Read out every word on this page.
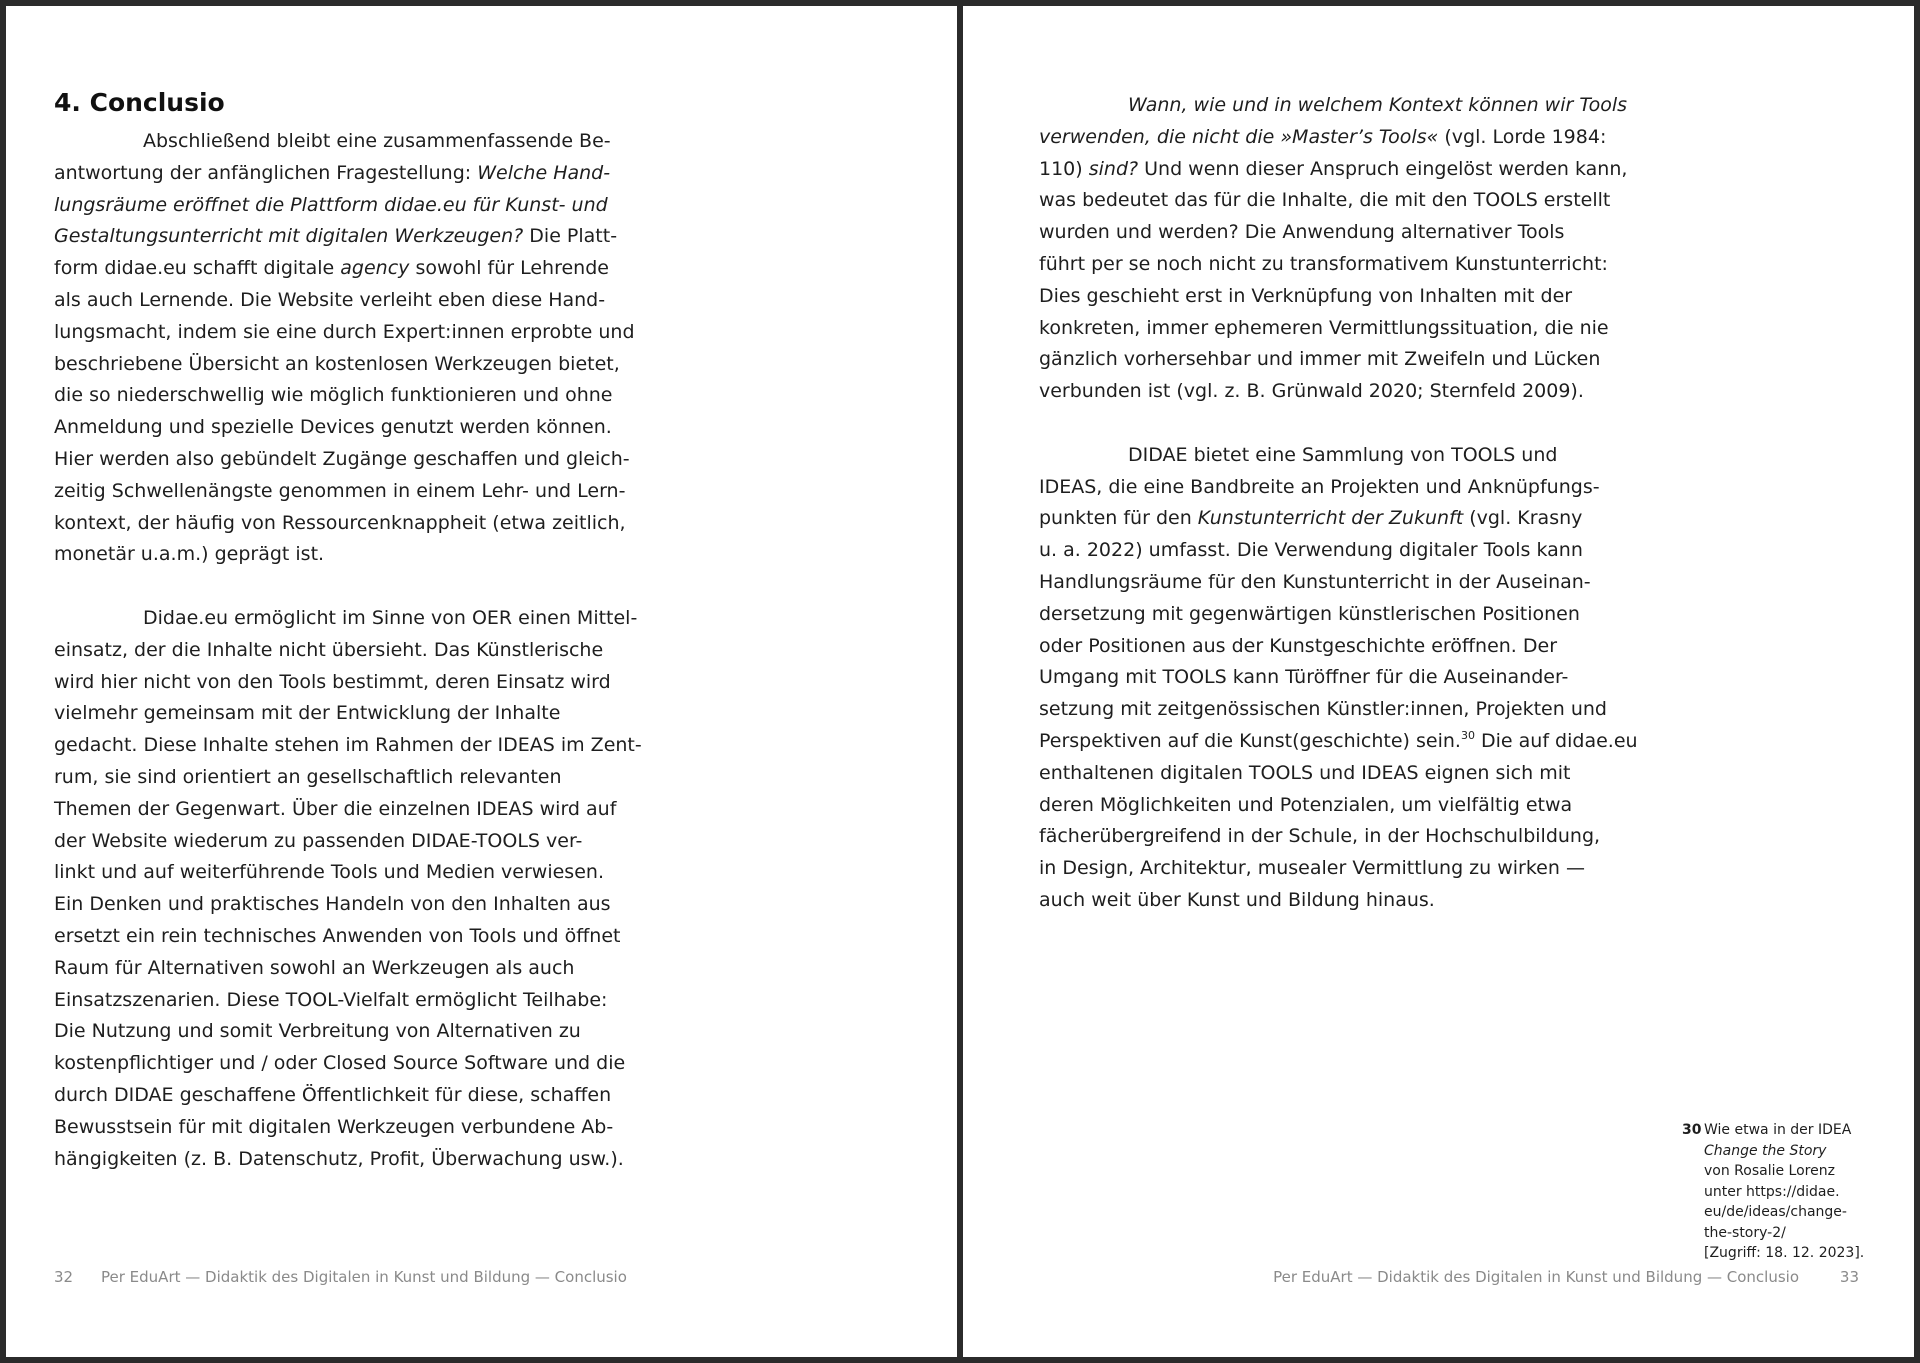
4. Conclusio
Abschließend bleibt eine zusammenfassende Be-
antwortung der anfänglichen Fragestellung: Welche Hand-
lungsräume eröffnet die Plattform didae.eu für Kunst- und
Gestaltungsunterricht mit digitalen Werkzeugen? Die Platt-
form didae.eu schafft digitale agency sowohl für Lehrende
als auch Lernende. Die Website verleiht eben diese Hand-
lungsmacht, indem sie eine durch Expert:innen erprobte und
beschriebene Übersicht an kostenlosen Werkzeugen bietet,
die so niederschwellig wie möglich funktionieren und ohne
Anmeldung und spezielle Devices genutzt werden können.
Hier werden also gebündelt Zugänge geschaffen und gleich-
zeitig Schwellenängste genommen in einem Lehr- und Lern-
kontext, der häufig von Ressourcenknappheit (etwa zeitlich,
monetär u.a.m.) geprägt ist.
Didae.eu ermöglicht im Sinne von OER einen Mittel-
einsatz, der die Inhalte nicht übersieht. Das Künstlerische
wird hier nicht von den Tools bestimmt, deren Einsatz wird
vielmehr gemeinsam mit der Entwicklung der Inhalte
gedacht. Diese Inhalte stehen im Rahmen der IDEAS im Zent-
rum, sie sind orientiert an gesellschaftlich relevanten
Themen der Gegenwart. Über die einzelnen IDEAS wird auf
der Website wiederum zu passenden DIDAE-TOOLS ver-
linkt und auf weiterführende Tools und Medien verwiesen.
Ein Denken und praktisches Handeln von den Inhalten aus
ersetzt ein rein technisches Anwenden von Tools und öffnet
Raum für Alternativen sowohl an Werkzeugen als auch
Einsatzszenarien. Diese TOOL-Vielfalt ermöglicht Teilhabe:
Die Nutzung und somit Verbreitung von Alternativen zu
kostenpflichtiger und / oder Closed Source Software und die
durch DIDAE geschaffene Öffentlichkeit für diese, schaffen
Bewusstsein für mit digitalen Werkzeugen verbundene Ab-
hängigkeiten (z. B. Datenschutz, Profit, Überwachung usw.).
32 Per EduArt — Didaktik des Digitalen in Kunst und Bildung — Conclusio
Wann, wie und in welchem Kontext können wir Tools
verwenden, die nicht die »Master’s Tools« (vgl. Lorde 1984:
110) sind? Und wenn dieser Anspruch eingelöst werden kann,
was bedeutet das für die Inhalte, die mit den TOOLS erstellt
wurden und werden? Die Anwendung alternativer Tools
führt per se noch nicht zu transformativem Kunstunterricht:
Dies geschieht erst in Verknüpfung von Inhalten mit der
konkreten, immer ephemeren Vermittlungssituation, die nie
gänzlich vorhersehbar und immer mit Zweifeln und Lücken
verbunden ist (vgl. z. B. Grünwald 2020; Sternfeld 2009).
DIDAE bietet eine Sammlung von TOOLS und
IDEAS, die eine Bandbreite an Projekten und Anknüpfungs-
punkten für den Kunstunterricht der Zukunft (vgl. Krasny
u. a. 2022) umfasst. Die Verwendung digitaler Tools kann
Handlungsräume für den Kunstunterricht in der Auseinan-
dersetzung mit gegenwärtigen künstlerischen Positionen
oder Positionen aus der Kunstgeschichte eröffnen. Der
Umgang mit TOOLS kann Türöffner für die Auseinander-
setzung mit zeitgenössischen Künstler:innen, Projekten und
Perspektiven auf die Kunst(geschichte) sein.$^{30}$ Die auf didae.eu
enthaltenen digitalen TOOLS und IDEAS eignen sich mit
deren Möglichkeiten und Potenzialen, um vielfältig etwa
fächerübergreifend in der Schule, in der Hochschulbildung,
in Design, Architektur, musealer Vermittlung zu wirken —
auch weit über Kunst und Bildung hinaus.
30 Wie etwa in der IDEA
Change the Story
von Rosalie Lorenz
unter https://didae.
eu/de/ideas/change-
the-story-2/
[Zugriff: 18. 12. 2023].
Per EduArt — Didaktik des Digitalen in Kunst und Bildung — Conclusio	33
